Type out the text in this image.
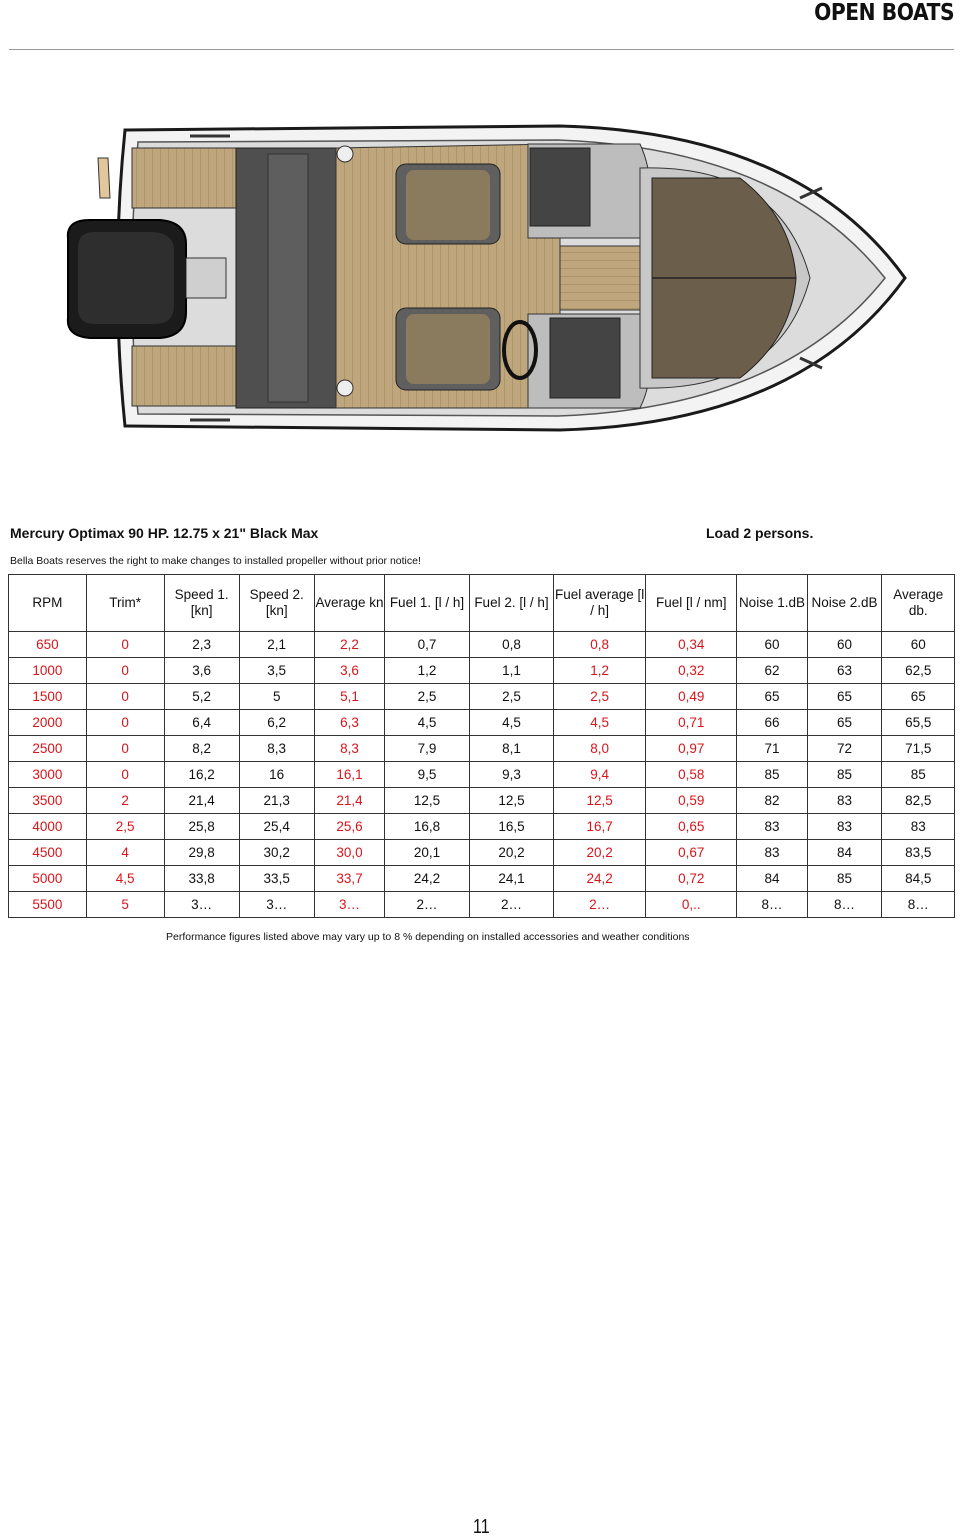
OPEN BOATS
Mercury Optimax 90 HP. 12.75 x 21" Black Max	Load 2 persons.
Bella Boats reserves the right to make changes to installed propeller without prior notice!
RPM	Trim*	Speed 1. [kn]	Speed 2. [kn]	Average kn	Fuel 1. [l / h]	Fuel 2. [l / h]	Fuel average [l / h]	Fuel [l / nm]	Noise 1.dB	Noise 2.dB	Average db.
650	0	2,3	2,1	2,2	0,7	0,8	0,8	0,34	60	60	60
1000	0	3,6	3,5	3,6	1,2	1,1	1,2	0,32	62	63	62,5
1500	0	5,2	5	5,1	2,5	2,5	2,5	0,49	65	65	65
2000	0	6,4	6,2	6,3	4,5	4,5	4,5	0,71	66	65	65,5
2500	0	8,2	8,3	8,3	7,9	8,1	8,0	0,97	71	72	71,5
3000	0	16,2	16	16,1	9,5	9,3	9,4	0,58	85	85	85
3500	2	21,4	21,3	21,4	12,5	12,5	12,5	0,59	82	83	82,5
4000	2,5	25,8	25,4	25,6	16,8	16,5	16,7	0,65	83	83	83
4500	4	29,8	30,2	30,0	20,1	20,2	20,2	0,67	83	84	83,5
5000	4,5	33,8	33,5	33,7	24,2	24,1	24,2	0,72	84	85	84,5
5500	5	3…	3…	3…	2…	2…	2…	0,..	8…	8…	8…
Performance figures listed above may vary up to 8 % depending on installed accessories and weather conditions
11
